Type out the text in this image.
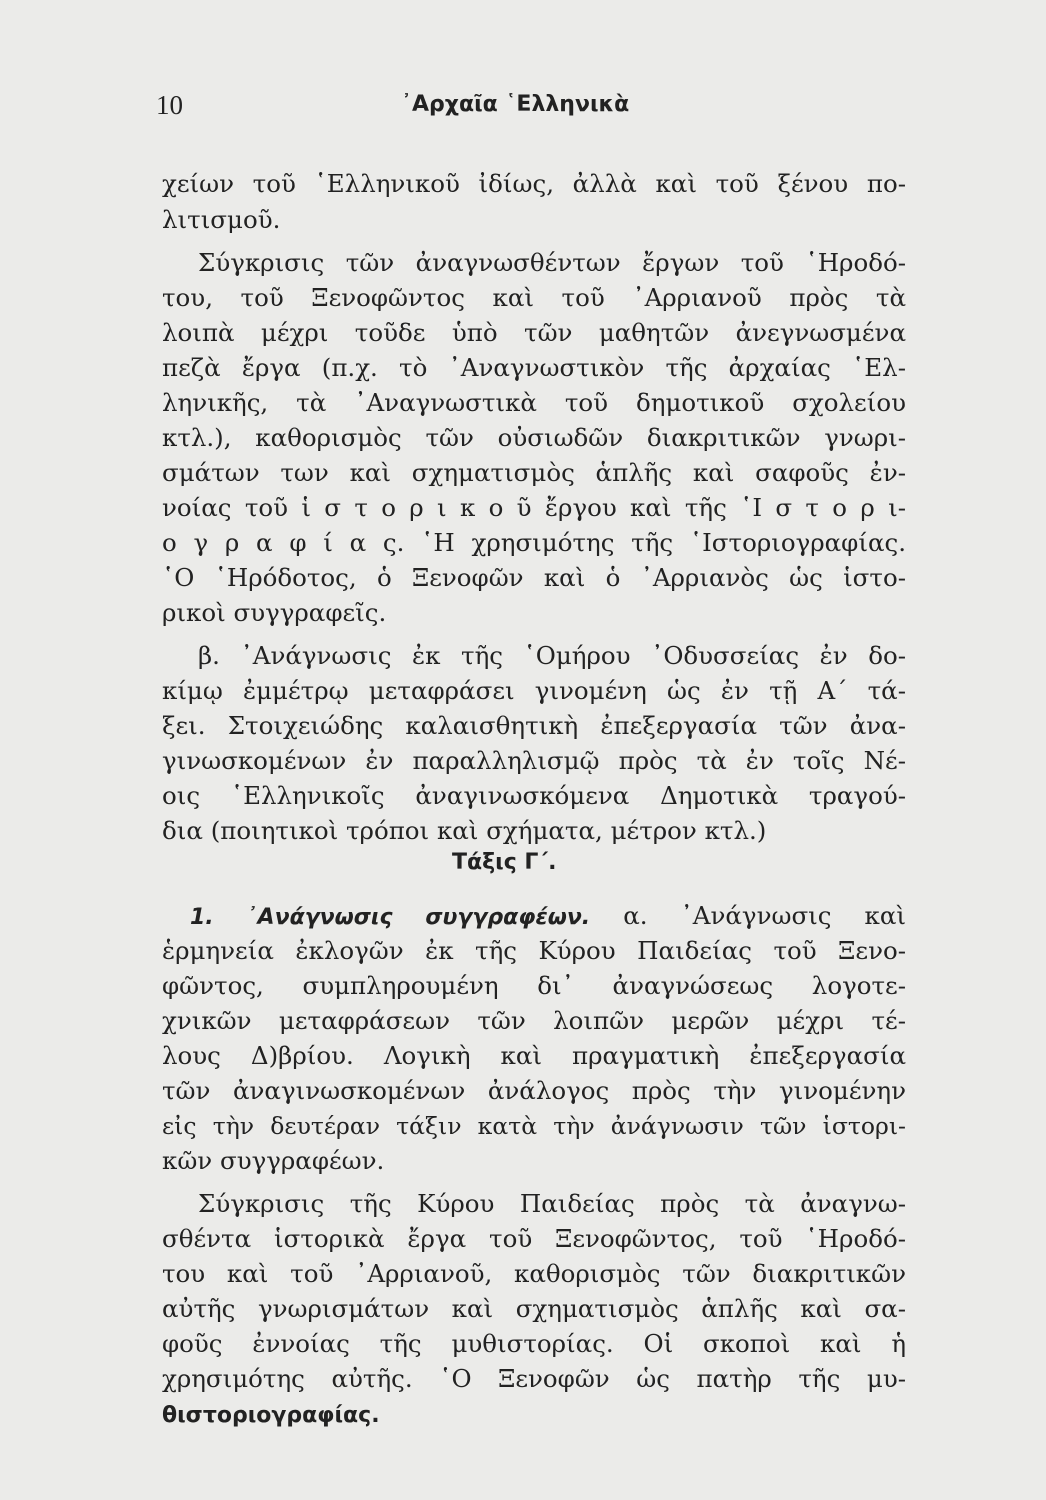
10	᾿Αρχαῖα ῾Ελληνικὰ
χείων τοῦ ῾Ελληνικοῦ ἰδίως, ἀλλὰ καὶ τοῦ ξένου πο-
λιτισμοῦ.
Σύγκρισις τῶν ἀναγνωσθέντων ἔργων τοῦ ῾Ηροδό-
του, τοῦ Ξενοφῶντος καὶ τοῦ ᾿Αρριανοῦ πρὸς τὰ
λοιπὰ μέχρι τοῦδε ὑπὸ τῶν μαθητῶν ἀνεγνωσμένα
πεζὰ ἔργα (π.χ. τὸ ᾿Αναγνωστικὸν τῆς ἀρχαίας ῾Ελ-
ληνικῆς, τὰ ᾿Αναγνωστικὰ τοῦ δημοτικοῦ σχολείου
κτλ.), καθορισμὸς τῶν οὐσιωδῶν διακριτικῶν γνωρι-
σμάτων των καὶ σχηματισμὸς ἁπλῆς καὶ σαφοῦς ἐν-
νοίας τοῦ ἱ σ τ ο ρ ι κ ο ῦ ἔργου καὶ τῆς ῾Ι σ τ ο ρ ι-
ο γ ρ α φ ί α ς. ῾Η χρησιμότης τῆς ῾Ιστοριογραφίας.
῾Ο ῾Ηρόδοτος, ὁ Ξενοφῶν καὶ ὁ ᾿Αρριανὸς ὡς ἱστο-
ρικοὶ συγγραφεῖς.
β. ᾿Ανάγνωσις ἐκ τῆς ῾Ομήρου ᾿Οδυσσείας ἐν δο-
κίμῳ ἐμμέτρῳ μεταφράσει γινομένη ὡς ἐν τῇ Α΄ τά-
ξει. Στοιχειώδης καλαισθητικὴ ἐπεξεργασία τῶν ἀνα-
γινωσκομένων ἐν παραλληλισμῷ πρὸς τὰ ἐν τοῖς Νέ-
οις ῾Ελληνικοῖς ἀναγινωσκόμενα Δημοτικὰ τραγού-
δια (ποιητικοὶ τρόποι καὶ σχήματα, μέτρον κτλ.)
Τάξις Γ΄.
1. ᾿Ανάγνωσις συγγραφέων. α. ᾿Ανάγνωσις καὶ
ἑρμηνεία ἐκλογῶν ἐκ τῆς Κύρου Παιδείας τοῦ Ξενο-
φῶντος, συμπληρουμένη δι᾿ ἀναγνώσεως λογοτε-
χνικῶν μεταφράσεων τῶν λοιπῶν μερῶν μέχρι τέ-
λους Δ)βρίου. Λογικὴ καὶ πραγματικὴ ἐπεξεργασία
τῶν ἀναγινωσκομένων ἀνάλογος πρὸς τὴν γινομένην
εἰς τὴν δευτέραν τάξιν κατὰ τὴν ἀνάγνωσιν τῶν ἱστορι-
κῶν συγγραφέων.
Σύγκρισις τῆς Κύρου Παιδείας πρὸς τὰ ἀναγνω-
σθέντα ἱστορικὰ ἔργα τοῦ Ξενοφῶντος, τοῦ ῾Ηροδό-
του καὶ τοῦ ᾿Αρριανοῦ, καθορισμὸς τῶν διακριτικῶν
αὐτῆς γνωρισμάτων καὶ σχηματισμὸς ἁπλῆς καὶ σα-
φοῦς ἐννοίας τῆς μυθιστορίας. Οἱ σκοποὶ καὶ ἡ
χρησιμότης αὐτῆς. ῾Ο Ξενοφῶν ὡς πατὴρ τῆς μυ-
θιστοριογραφίας.
